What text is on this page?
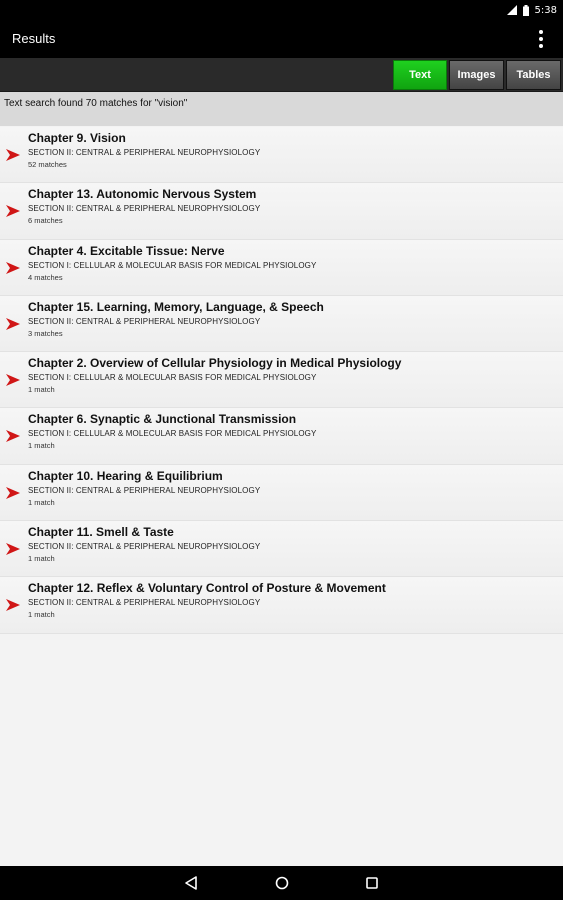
5:38
Results
Text	Images	Tables
Text search found 70 matches for "vision"
Chapter 9. Vision
SECTION II: CENTRAL & PERIPHERAL NEUROPHYSIOLOGY
52 matches
Chapter 13. Autonomic Nervous System
SECTION II: CENTRAL & PERIPHERAL NEUROPHYSIOLOGY
6 matches
Chapter 4. Excitable Tissue: Nerve
SECTION I: CELLULAR & MOLECULAR BASIS FOR MEDICAL PHYSIOLOGY
4 matches
Chapter 15. Learning, Memory, Language, & Speech
SECTION II: CENTRAL & PERIPHERAL NEUROPHYSIOLOGY
3 matches
Chapter 2. Overview of Cellular Physiology in Medical Physiology
SECTION I: CELLULAR & MOLECULAR BASIS FOR MEDICAL PHYSIOLOGY
1 match
Chapter 6. Synaptic & Junctional Transmission
SECTION I: CELLULAR & MOLECULAR BASIS FOR MEDICAL PHYSIOLOGY
1 match
Chapter 10. Hearing & Equilibrium
SECTION II: CENTRAL & PERIPHERAL NEUROPHYSIOLOGY
1 match
Chapter 11. Smell & Taste
SECTION II: CENTRAL & PERIPHERAL NEUROPHYSIOLOGY
1 match
Chapter 12. Reflex & Voluntary Control of Posture & Movement
SECTION II: CENTRAL & PERIPHERAL NEUROPHYSIOLOGY
1 match
